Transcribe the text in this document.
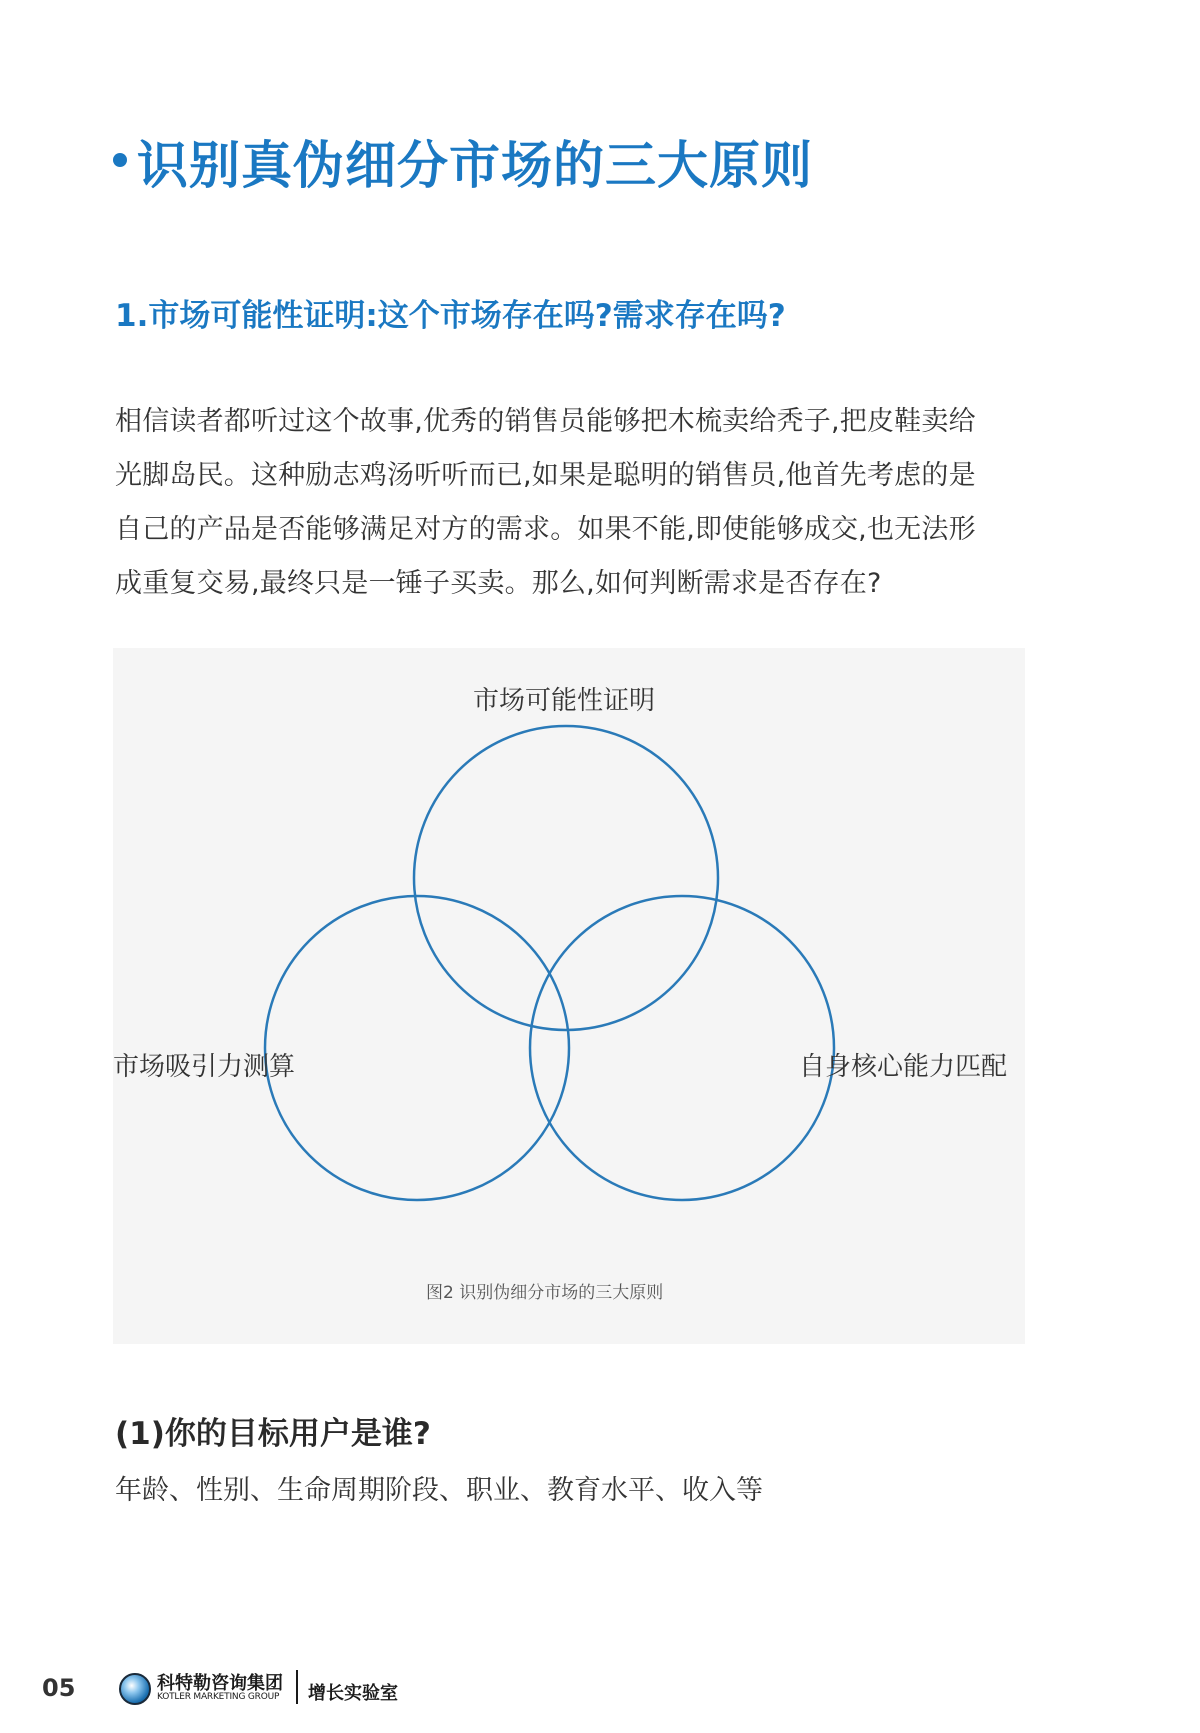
识别真伪细分市场的三大原则
1.市场可能性证明:这个市场存在吗?需求存在吗?
相信读者都听过这个故事,优秀的销售员能够把木梳卖给秃子,把皮鞋卖给
光脚岛民。这种励志鸡汤听听而已,如果是聪明的销售员,他首先考虑的是
自己的产品是否能够满足对方的需求。如果不能,即使能够成交,也无法形
成重复交易,最终只是一锤子买卖。那么,如何判断需求是否存在?
市场可能性证明
市场吸引力测算	自身核心能力匹配
图2 识别伪细分市场的三大原则
(1)你的目标用户是谁?
年龄、性别、生命周期阶段、职业、教育水平、收入等
05	科特勒咨询集团
KOTLER MARKETING GROUP 增长实验室
